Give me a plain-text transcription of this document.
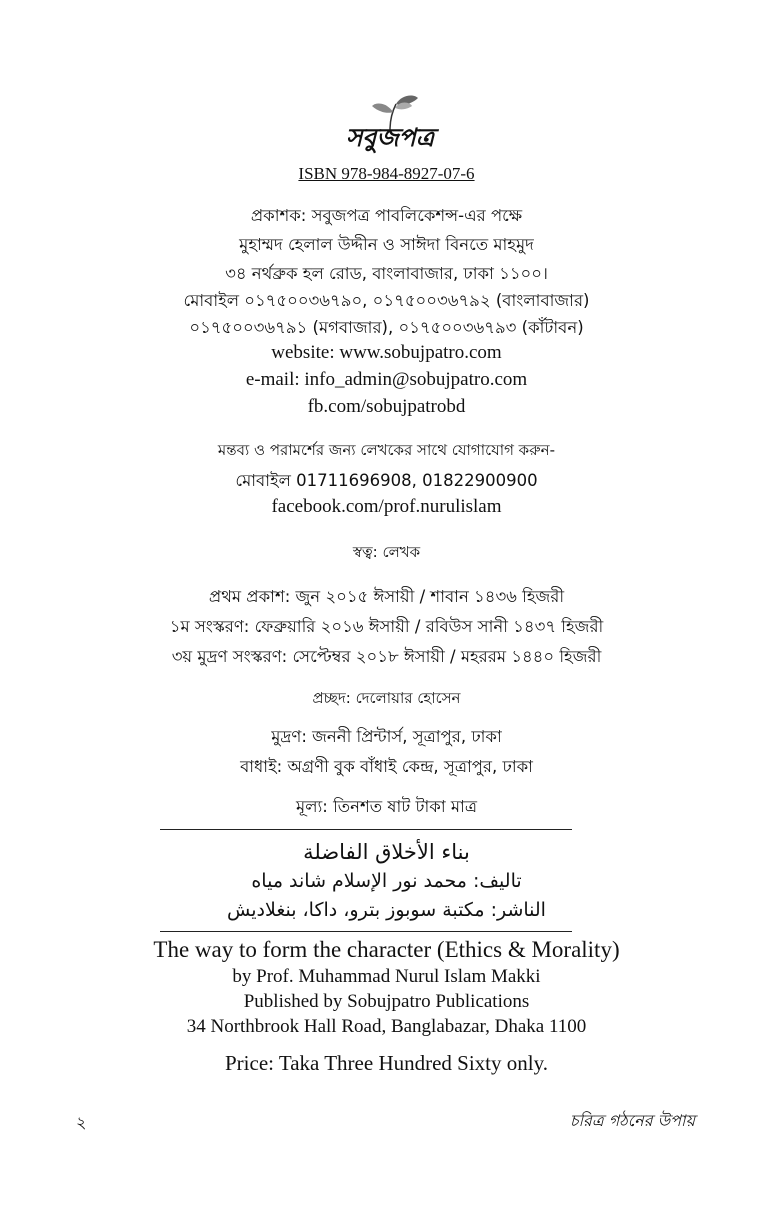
সবুজপত্র
ISBN 978-984-8927-07-6
প্রকাশক: সবুজপত্র পাবলিকেশন্স-এর পক্ষে
মুহাম্মদ হেলাল উদ্দীন ও সাঈদা বিনতে মাহমুদ
৩৪ নর্থব্রুক হল রোড, বাংলাবাজার, ঢাকা ১১০০।
মোবাইল ০১৭৫০০৩৬৭৯০, ০১৭৫০০৩৬৭৯২ (বাংলাবাজার)
০১৭৫০০৩৬৭৯১ (মগবাজার), ০১৭৫০০৩৬৭৯৩ (কাঁটাবন)
website: www.sobujpatro.com
e-mail: info_admin@sobujpatro.com
fb.com/sobujpatrobd
মন্তব্য ও পরামর্শের জন্য লেখকের সাথে যোগাযোগ করুন-
মোবাইল 01711696908, 01822900900
facebook.com/prof.nurulislam
স্বত্ব: লেখক
প্রথম প্রকাশ: জুন ২০১৫ ঈসায়ী / শাবান ১৪৩৬ হিজরী
১ম সংস্করণ: ফেব্রুয়ারি ২০১৬ ঈসায়ী / রবিউস সানী ১৪৩৭ হিজরী
৩য় মুদ্রণ সংস্করণ: সেপ্টেম্বর ২০১৮ ঈসায়ী / মহররম ১৪৪০ হিজরী
প্রচ্ছদ: দেলোয়ার হোসেন
মুদ্রণ: জননী প্রিন্টার্স, সূত্রাপুর, ঢাকা
বাধাই: অগ্রণী বুক বাঁধাই কেন্দ্র, সূত্রাপুর, ঢাকা
মূল্য: তিনশত ষাট টাকা মাত্র
بناء الأخلاق الفاضلة
تاليف: محمد نور الإسلام شاند مياه
الناشر: مكتبة سوبوز بترو، داكا، بنغلاديش
The way to form the character (Ethics & Morality)
by Prof. Muhammad Nurul Islam Makki
Published by Sobujpatro Publications
34 Northbrook Hall Road, Banglabazar, Dhaka 1100
Price: Taka Three Hundred Sixty only.
২	চরিত্র গঠনের উপায়
